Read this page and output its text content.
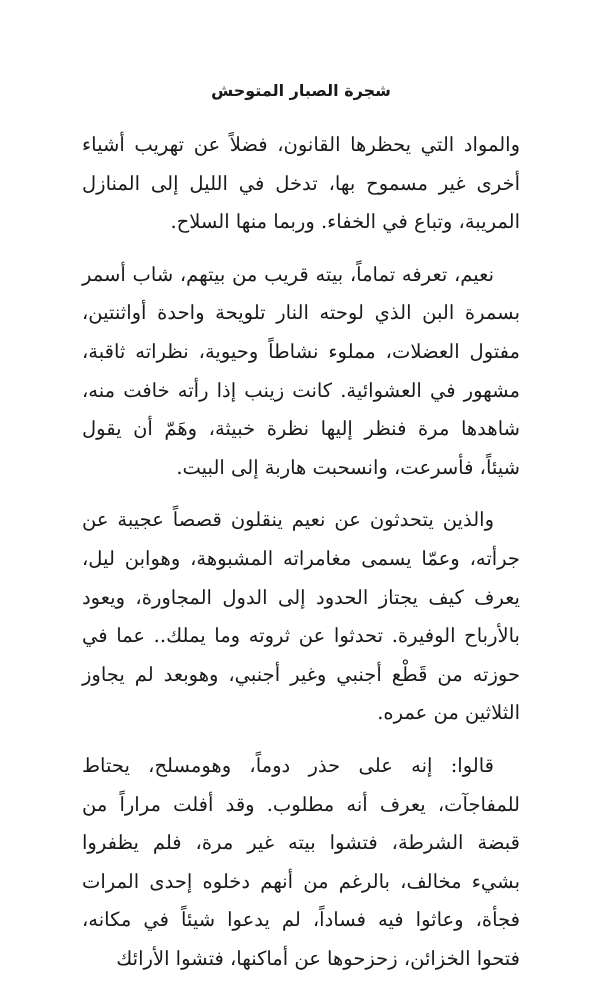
شجرة الصبار المتوحش

والمواد التي يحظرها القانون، فضلاً عن تهريب أشياء أخرى غير مسموح بها، تدخل في الليل إلى المنازل المريبة، وتباع في الخفاء. وربما منها السلاح.

نعيم، تعرفه تماماً، بيته قريب من بيتهم، شاب أسمر بسمرة البن الذي لوحته النار تلويحة واحدة أواثنتين، مفتول العضلات، مملوء نشاطاً وحيوية، نظراته ثاقبة، مشهور في العشوائية. كانت زينب إذا رأته خافت منه، شاهدها مرة فنظر إليها نظرة خبيثة، وهَمّ أن يقول شيئاً، فأسرعت، وانسحبت هاربة إلى البيت.

والذين يتحدثون عن نعيم ينقلون قصصاً عجيبة عن جرأته، وعمّا يسمى مغامراته المشبوهة، وهوابن ليل، يعرف كيف يجتاز الحدود إلى الدول المجاورة، ويعود بالأرباح الوفيرة. تحدثوا عن ثروته وما يملك.. عما في حوزته من قَطْع أجنبي وغير أجنبي، وهوبعد لم يجاوز الثلاثين من عمره.

قالوا: إنه على حذر دوماً، وهومسلح، يحتاط للمفاجآت، يعرف أنه مطلوب. وقد أفلت مراراً من قبضة الشرطة، فتشوا بيته غير مرة، فلم يظفروا بشيء مخالف، بالرغم من أنهم دخلوه إحدى المرات فجأة، وعاثوا فيه فساداً، لم يدعوا شيئاً في مكانه، فتحوا الخزائن، زحزحوها عن أماكنها، فتشوا الأرائك
